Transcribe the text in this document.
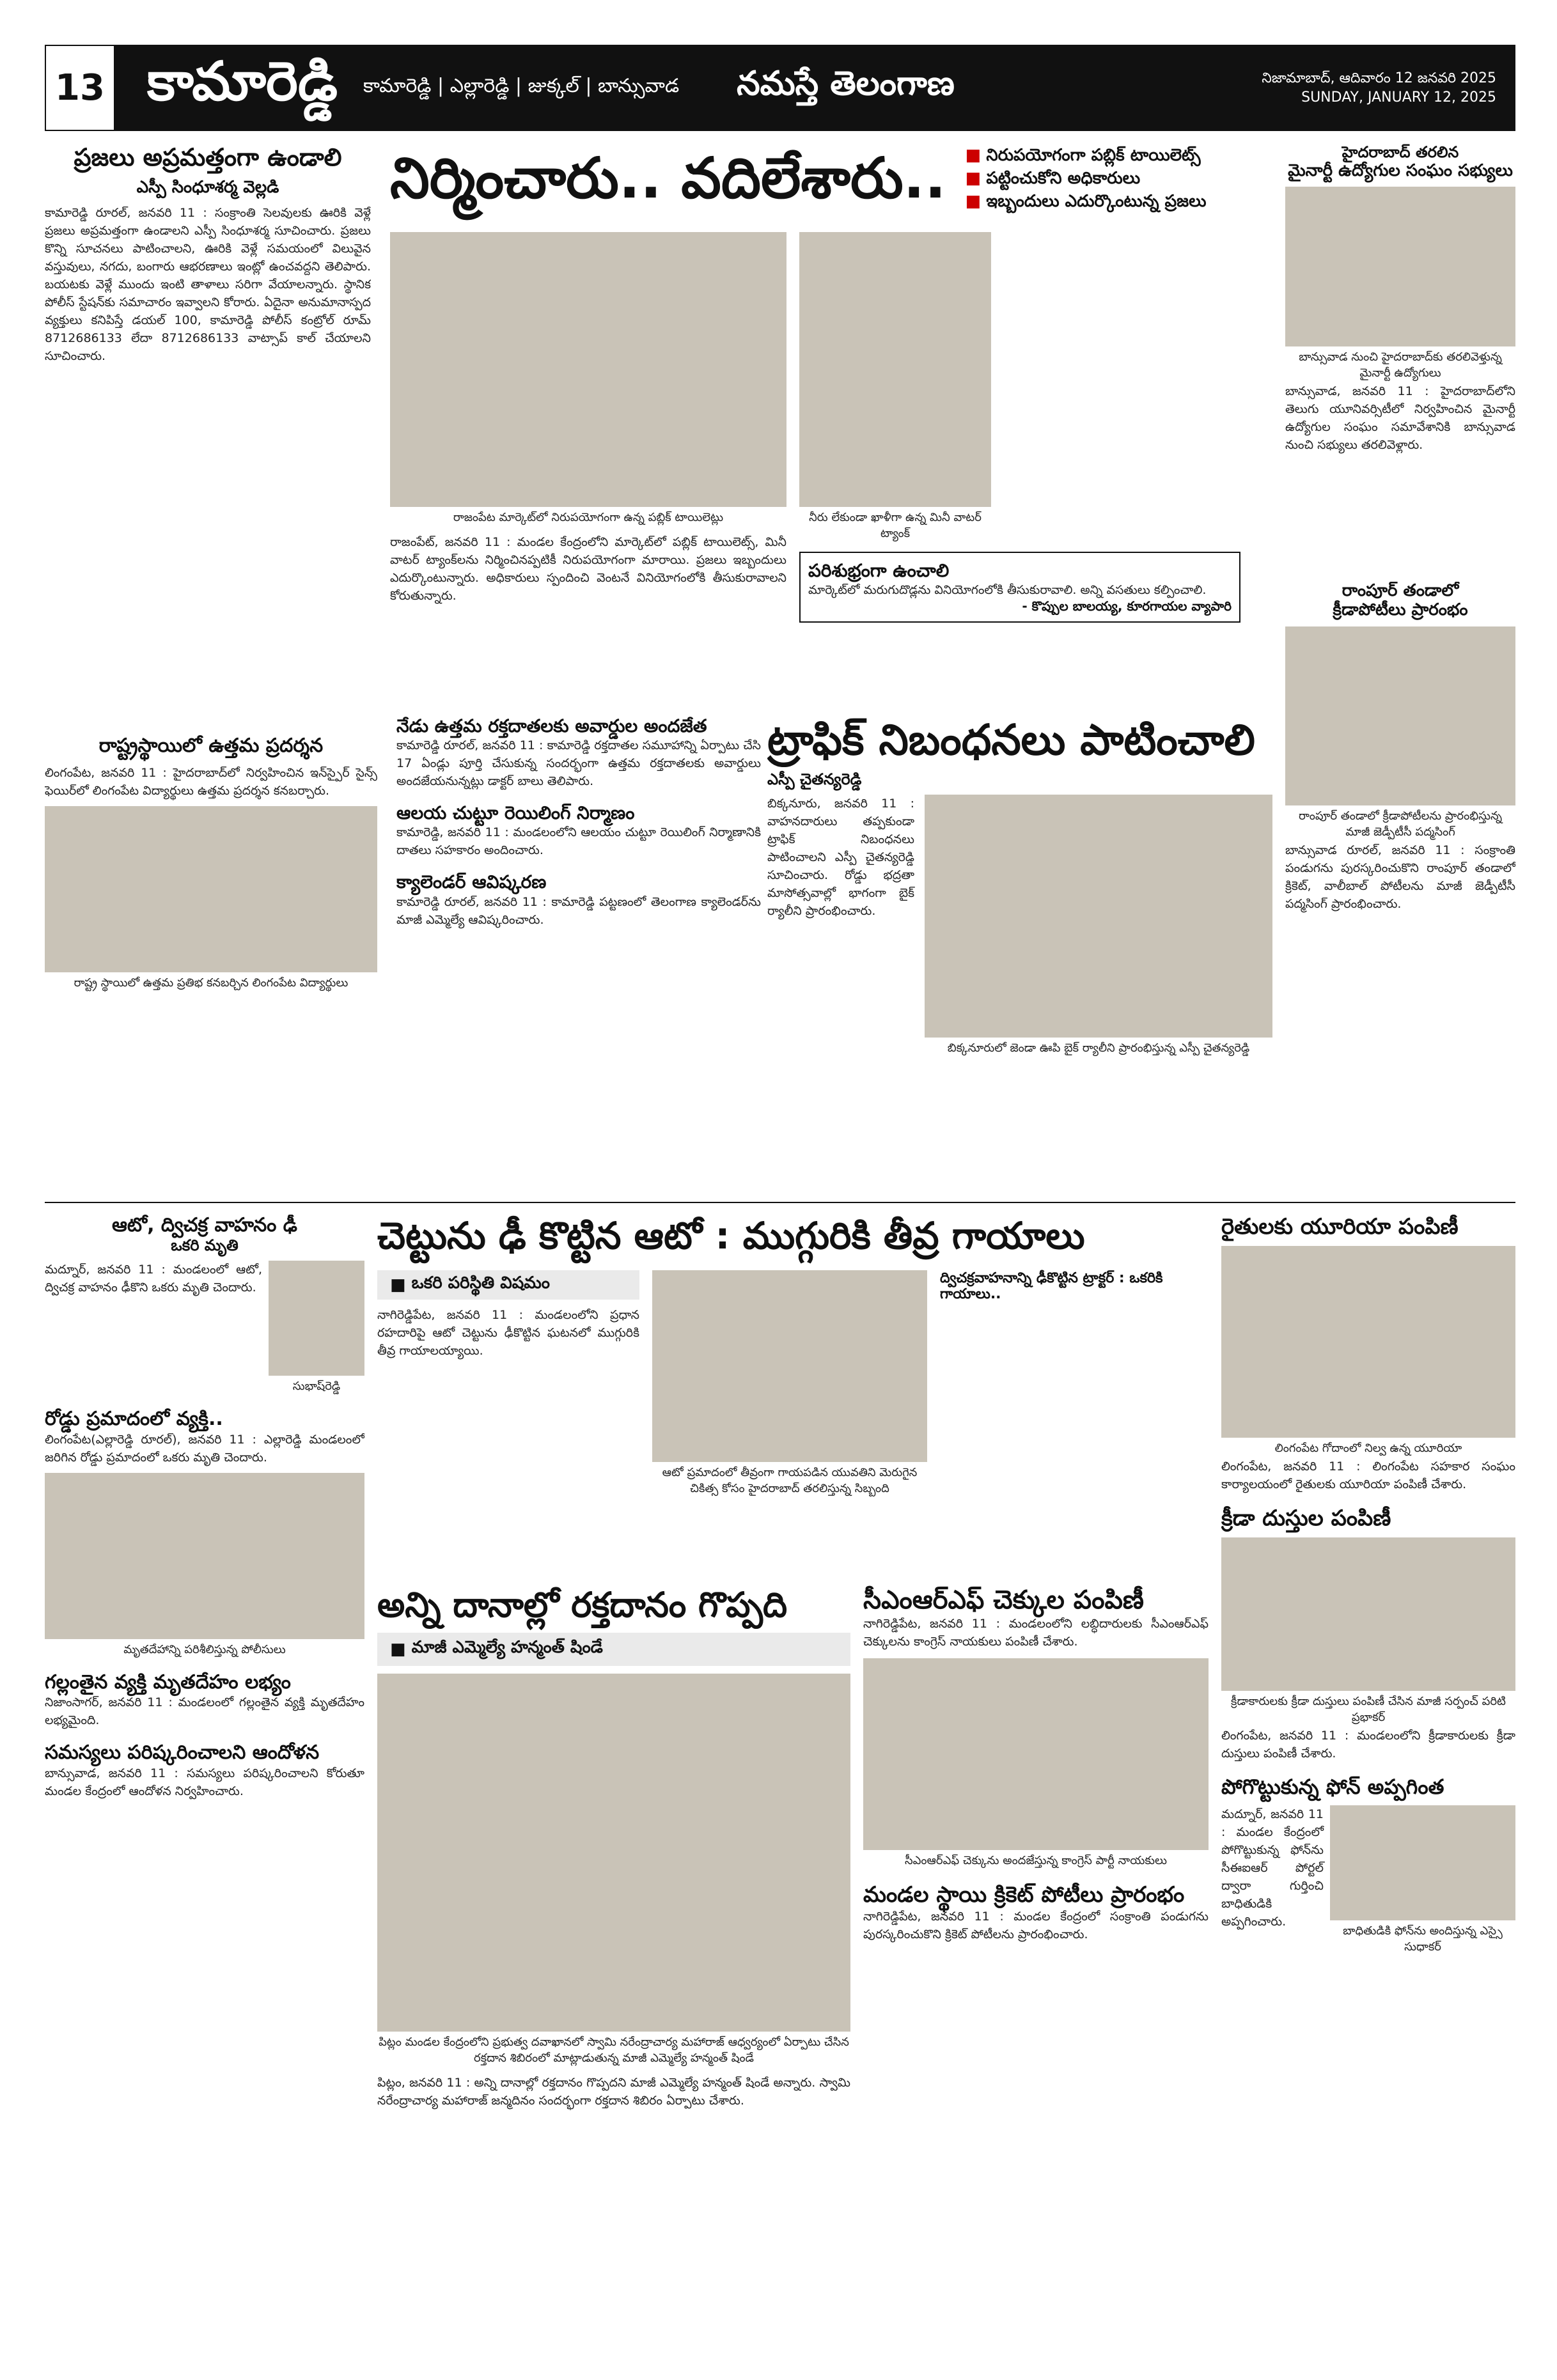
13 కామారెడ్డి	కామారెడ్డి | ఎల్లారెడ్డి | జుక్కల్ | బాన్సువాడ నమస్తే తెలంగాణ	నిజామాబాద్, ఆదివారం 12 జనవరి 2025
SUNDAY, JANUARY 12, 2025
ప్రజలు అప్రమత్తంగా ఉండాలి
ఎస్పీ సింధూశర్మ వెల్లడి
కామారెడ్డి రూరల్‌, జనవరి 11 : సంక్రాంతి సెలవులకు ఊరికి వెళ్లే ప్రజలు అప్రమత్తంగా ఉండాలని ఎస్పీ సింధూశర్మ సూచించారు. ప్రజలు కొన్ని సూచనలు పాటించాలని, ఊరికి వెళ్లే సమయంలో విలువైన వస్తువులు, నగదు, బంగారు ఆభరణాలు ఇంట్లో ఉంచవద్దని తెలిపారు. బయటకు వెళ్లే ముందు ఇంటి తాళాలు సరిగా వేయాలన్నారు. స్థానిక పోలీస్‌ స్టేషన్‌కు సమాచారం ఇవ్వాలని కోరారు. ఏదైనా అనుమానాస్పద వ్యక్తులు కనిపిస్తే డయల్‌ 100, కామారెడ్డి పోలీస్‌ కంట్రోల్‌ రూమ్‌ 8712686133 లేదా 8712686133 వాట్సాప్‌ కాల్‌ చేయాలని సూచించారు.
నిర్మించారు.. వదిలేశారు.. ■ నిరుపయోగంగా పబ్లిక్‌ టాయిలెట్స్‌
■ పట్టించుకోని అధికారులు
■ ఇబ్బందులు ఎదుర్కొంటున్న ప్రజలు
రాజంపేట మార్కెట్‌లో నిరుపయోగంగా ఉన్న పబ్లిక్‌ టాయిలెట్లు
రాజంపేట్‌, జనవరి 11 : మండల కేంద్రంలోని మార్కెట్‌లో పబ్లిక్‌ టాయిలెట్స్‌, మినీ వాటర్‌ ట్యాంక్‌లను నిర్మించినప్పటికీ నిరుపయోగంగా మారాయి. ప్రజలు ఇబ్బందులు ఎదుర్కొంటున్నారు. అధికారులు స్పందించి వెంటనే వినియోగంలోకి తీసుకురావాలని కోరుతున్నారు.
నీరు లేకుండా ఖాళీగా ఉన్న మినీ వాటర్‌ ట్యాంక్‌
పరిశుభ్రంగా ఉంచాలి
మార్కెట్‌లో మరుగుదొడ్లను వినియోగంలోకి తీసుకురావాలి. అన్ని వసతులు కల్పించాలి.
- కొప్పుల బాలయ్య, కూరగాయల వ్యాపారి
హైదరాబాద్‌ తరలిన
మైనార్టీ ఉద్యోగుల సంఘం సభ్యులు
బాన్సువాడ నుంచి హైదరాబాద్‌కు తరలివెళ్తున్న మైనార్టీ ఉద్యోగులు
బాన్సువాడ, జనవరి 11 : హైదరాబాద్‌లోని తెలుగు యూనివర్సిటీలో నిర్వహించిన మైనార్టీ ఉద్యోగుల సంఘం సమావేశానికి బాన్సువాడ నుంచి సభ్యులు తరలివెళ్లారు.
రాంపూర్‌ తండాలో
క్రీడాపోటీలు ప్రారంభం
రాంపూర్‌ తండాలో క్రీడాపోటీలను ప్రారంభిస్తున్న మాజీ జెడ్పీటీసీ పద్మసింగ్‌
బాన్సువాడ రూరల్‌, జనవరి 11 : సంక్రాంతి పండుగను పురస్కరించుకొని రాంపూర్‌ తండాలో క్రికెట్‌, వాలీబాల్‌ పోటీలను మాజీ జెడ్పీటీసీ పద్మసింగ్‌ ప్రారంభించారు.
రాష్ట్రస్థాయిలో ఉత్తమ ప్రదర్శన
లింగంపేట, జనవరి 11 : హైదరాబాద్‌లో నిర్వహించిన ఇన్‌స్పైర్‌ సైన్స్‌ ఫెయిర్‌లో లింగంపేట విద్యార్థులు ఉత్తమ ప్రదర్శన కనబర్చారు.
రాష్ట్ర స్థాయిలో ఉత్తమ ప్రతిభ కనబర్చిన లింగంపేట విద్యార్థులు
నేడు ఉత్తమ రక్తదాతలకు అవార్డుల అందజేత
కామారెడ్డి రూరల్‌, జనవరి 11 : కామారెడ్డి రక్తదాతల సమూహాన్ని ఏర్పాటు చేసి 17 ఏండ్లు పూర్తి చేసుకున్న సందర్భంగా ఉత్తమ రక్తదాతలకు అవార్డులు అందజేయనున్నట్లు డాక్టర్‌ బాలు తెలిపారు.
ఆలయ చుట్టూ రెయిలింగ్‌ నిర్మాణం
కామారెడ్డి, జనవరి 11 : మండలంలోని ఆలయం చుట్టూ రెయిలింగ్‌ నిర్మాణానికి దాతలు సహకారం అందించారు.
క్యాలెండర్‌ ఆవిష్కరణ
కామారెడ్డి రూరల్‌, జనవరి 11 : కామారెడ్డి పట్టణంలో తెలంగాణ క్యాలెండర్‌ను మాజీ ఎమ్మెల్యే ఆవిష్కరించారు.
ట్రాఫిక్‌ నిబంధనలు పాటించాలి
ఎస్పీ చైతన్యరెడ్డి
బిక్కనూరు, జనవరి 11 : వాహనదారులు తప్పకుండా ట్రాఫిక్‌ నిబంధనలు పాటించాలని ఎస్పీ చైతన్యరెడ్డి సూచించారు. రోడ్డు భద్రతా మాసోత్సవాల్లో భాగంగా బైక్‌ ర్యాలీని ప్రారంభించారు.
బిక్కనూరులో జెండా ఊపి బైక్‌ ర్యాలీని ప్రారంభిస్తున్న ఎస్పీ చైతన్యరెడ్డి
ఆటో, ద్విచక్ర వాహనం ఢీ
ఒకరి మృతి
మద్నూర్‌, జనవరి 11 : మండలంలో ఆటో, ద్విచక్ర వాహనం ఢీకొని ఒకరు మృతి చెందారు.
సుభాష్‌రెడ్డి
రోడ్డు ప్రమాదంలో వ్యక్తి..
లింగంపేట(ఎల్లారెడ్డి రూరల్‌), జనవరి 11 : ఎల్లారెడ్డి మండలంలో జరిగిన రోడ్డు ప్రమాదంలో ఒకరు మృతి చెందారు.
మృతదేహాన్ని పరిశీలిస్తున్న పోలీసులు
గల్లంతైన వ్యక్తి మృతదేహం లభ్యం
నిజాంసాగర్‌, జనవరి 11 : మండలంలో గల్లంతైన వ్యక్తి మృతదేహం లభ్యమైంది.
సమస్యలు పరిష్కరించాలని ఆందోళన
బాన్సువాడ, జనవరి 11 : సమస్యలు పరిష్కరించాలని కోరుతూ మండల కేంద్రంలో ఆందోళన నిర్వహించారు.
చెట్టును ఢీ కొట్టిన ఆటో : ముగ్గురికి తీవ్ర గాయాలు
■ ఒకరి పరిస్థితి విషమం
నాగిరెడ్డిపేట, జనవరి 11 : మండలంలోని ప్రధాన రహదారిపై ఆటో చెట్టును ఢీకొట్టిన ఘటనలో ముగ్గురికి తీవ్ర గాయాలయ్యాయి.
ఆటో ప్రమాదంలో తీవ్రంగా గాయపడిన యువతిని మెరుగైన చికిత్స కోసం హైదరాబాద్‌ తరలిస్తున్న సిబ్బంది
ద్విచక్రవాహనాన్ని ఢీకొట్టిన ట్రాక్టర్‌ : ఒకరికి గాయాలు..
అన్ని దానాల్లో రక్తదానం గొప్పది
■ మాజీ ఎమ్మెల్యే హన్మంత్‌ షిండే
పిట్లం మండల కేంద్రంలోని ప్రభుత్వ దవాఖానలో స్వామి నరేంద్రాచార్య మహారాజ్‌ ఆధ్వర్యంలో ఏర్పాటు చేసిన రక్తదాన శిబిరంలో మాట్లాడుతున్న మాజీ ఎమ్మెల్యే హన్మంత్‌ షిండే
పిట్లం, జనవరి 11 : అన్ని దానాల్లో రక్తదానం గొప్పదని మాజీ ఎమ్మెల్యే హన్మంత్‌ షిండే అన్నారు. స్వామి నరేంద్రాచార్య మహారాజ్‌ జన్మదినం సందర్భంగా రక్తదాన శిబిరం ఏర్పాటు చేశారు.
సీఎంఆర్‌ఎఫ్‌ చెక్కుల పంపిణీ
నాగిరెడ్డిపేట, జనవరి 11 : మండలంలోని లబ్ధిదారులకు సీఎంఆర్‌ఎఫ్‌ చెక్కులను కాంగ్రెస్‌ నాయకులు పంపిణీ చేశారు.
సీఎంఆర్‌ఎఫ్‌ చెక్కును అందజేస్తున్న కాంగ్రెస్‌ పార్టీ నాయకులు
మండల స్థాయి క్రికెట్‌ పోటీలు ప్రారంభం
నాగిరెడ్డిపేట, జనవరి 11 : మండల కేంద్రంలో సంక్రాంతి పండుగను పురస్కరించుకొని క్రికెట్‌ పోటీలను ప్రారంభించారు.
రైతులకు యూరియా పంపిణీ
లింగంపేట గోదాంలో నిల్వ ఉన్న యూరియా
లింగంపేట, జనవరి 11 : లింగంపేట సహకార సంఘం కార్యాలయంలో రైతులకు యూరియా పంపిణీ చేశారు.
క్రీడా దుస్తుల పంపిణీ
క్రీడాకారులకు క్రీడా దుస్తులు పంపిణీ చేసిన మాజీ సర్పంచ్‌ పరిటి ప్రభాకర్‌
లింగంపేట, జనవరి 11 : మండలంలోని క్రీడాకారులకు క్రీడా దుస్తులు పంపిణీ చేశారు.
పోగొట్టుకున్న ఫోన్‌ అప్పగింత
మద్నూర్‌, జనవరి 11 : మండల కేంద్రంలో పోగొట్టుకున్న ఫోన్‌ను సీఈఐఆర్‌ పోర్టల్‌ ద్వారా గుర్తించి బాధితుడికి అప్పగించారు.
బాధితుడికి ఫోన్‌ను అందిస్తున్న ఎస్సై సుధాకర్‌
